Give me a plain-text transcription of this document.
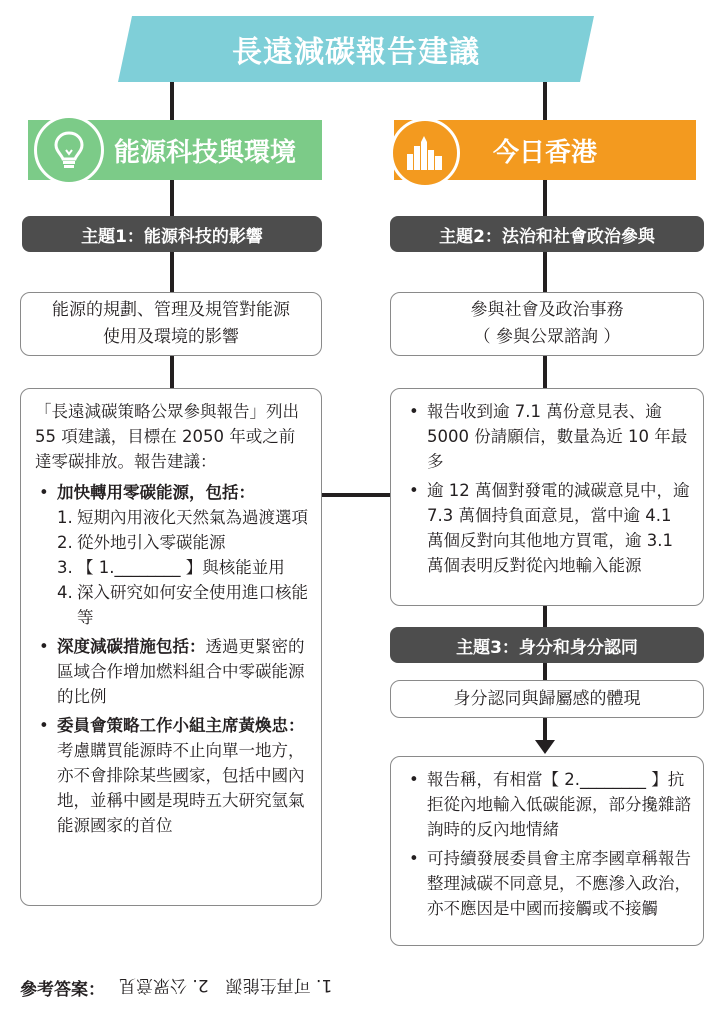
長遠減碳報告建議
能源科技與環境	今日香港
主題1：能源科技的影響	主題2：法治和社會政治參與
能源的規劃、管理及規管對能源
使用及環境的影響
參與社會及政治事務
（ 參與公眾諮詢 ）

「長遠減碳策略公眾參與報告」列出 55 項建議，目標在 2050 年或之前達零碳排放。報告建議：

• 加快轉用零碳能源，包括：
1. 短期內用液化天然氣為過渡選項
2. 從外地引入零碳能源
3. 【 1.________ 】與核能並用
4. 深入研究如何安全使用進口核能等
• 深度減碳措施包括：透過更緊密的區域合作增加燃料組合中零碳能源的比例
• 委員會策略工作小組主席黃煥忠：考慮購買能源時不止向單一地方，亦不會排除某些國家，包括中國內地，並稱中國是現時五大研究氫氣能源國家的首位
• 報告收到逾 7.1 萬份意見表、逾 5000 份請願信，數量為近 10 年最多
• 逾 12 萬個對發電的減碳意見中，逾 7.3 萬個持負面意見，當中逾 4.1 萬個反對向其他地方買電，逾 3.1 萬個表明反對從內地輸入能源
主題3：身分和身分認同
身分認同與歸屬感的體現
• 報告稱，有相當【 2.________ 】抗拒從內地輸入低碳能源，部分攙雜諮詢時的反內地情緒
• 可持續發展委員會主席李國章稱報告整理減碳不同意見，不應滲入政治，亦不應因是中國而接觸或不接觸
參考答案： 1. 可再生能源　2. 公眾意見
